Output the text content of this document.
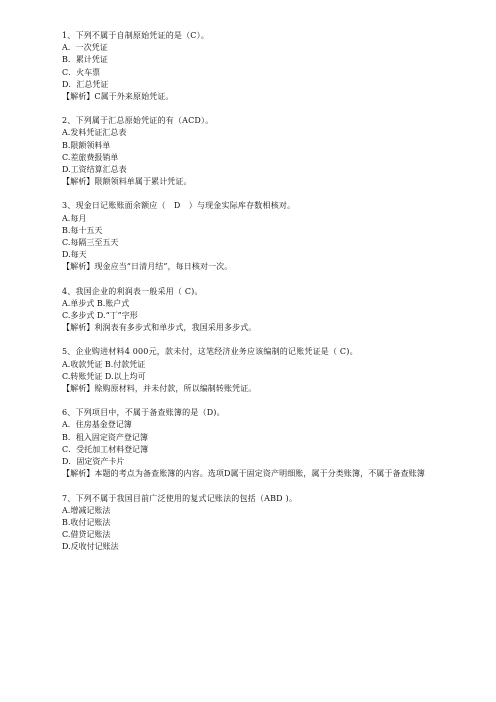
1、下列不属于自制原始凭证的是（C）。
A．一次凭证
B．累计凭证
C．火车票
D．汇总凭证
【解析】C属于外来原始凭证。
2、下列属于汇总原始凭证的有（ACD）。
A.发料凭证汇总表
B.限额领料单
C.差旅费报销单
D.工资结算汇总表
【解析】限额领料单属于累计凭证。
3、现金日记账账面余额应（　D　）与现金实际库存数相核对。
A.每月
B.每十五天
C.每隔三至五天
D.每天
【解析】现金应当“日清月结”，每日核对一次。
4、我国企业的利润表一般采用（ C)。
A.单步式 B.账户式
C.多步式 D.“丁”字形
【解析】利润表有多步式和单步式，我国采用多步式。
5、企业购进材料4 000元，款未付，这笔经济业务应该编制的记账凭证是（ C)。
A.收款凭证 B.付款凭证
C.转账凭证 D.以上均可
【解析】赊购原材料，并未付款，所以编制转账凭证。
6、下列项目中，不属于备查账簿的是（D)。
A．住房基金登记簿
B．租入固定资产登记簿
C．受托加工材料登记簿
D．固定资产卡片
【解析】本题的考点为备查账簿的内容。选项D属于固定资产明细账，属于分类账簿，不属于备查账簿
7、下列不属于我国目前广泛使用的复式记账法的包括（ABD )。
A.增减记账法
B.收付记账法
C.借贷记账法
D.反收付记账法
